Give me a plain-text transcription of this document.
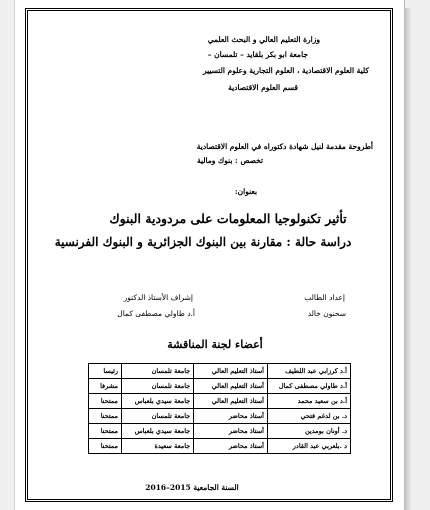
وزارة التعليم العالي و البحث العلمي
جامعة ابو بكر بلقايد – تلمسان –
كلية العلوم الاقتصادية ، العلوم التجارية وعلوم التسيير
قسم العلوم الاقتصادية
أطروحة مقدمة لنيل شهادة دكتوراه في العلوم الاقتصادية
تخصص : بنوك ومالية
بعنوان:
تأثير تكنولوجيا المعلومات على مردودية البنوك
دراسة حالة : مقارنة بين البنوك الجزائرية و البنوك الفرنسية
إعداد الطالب
سحنون خالد
إشراف الأستاذ الدكتور
أ.د طاولي مصطفى كمال
أعضاء لجنة المناقشة
أ.د كرزابي عبد اللطيف	أستاذ التعليم العالي	جامعة تلمسان	رئيسا
أ.د طاولي مصطفى كمال	أستاذ التعليم العالي	جامعة تلمسان	مشرفا
أ.د بن سعيد محمد	أستاذ التعليم العالي	جامعة سيدي بلعباس	ممتحنا
د. بن لدغم فتحي	أستاذ محاضر	جامعة تلمسان	ممتحنا
د. أونان بومدين	أستاذ محاضر	جامعة سيدي بلعباس	ممتحنا
د .بلعربي عبد القادر	أستاذ محاضر	جامعة سعيدة	ممتحنا
السنة الجامعية 2015–2016
